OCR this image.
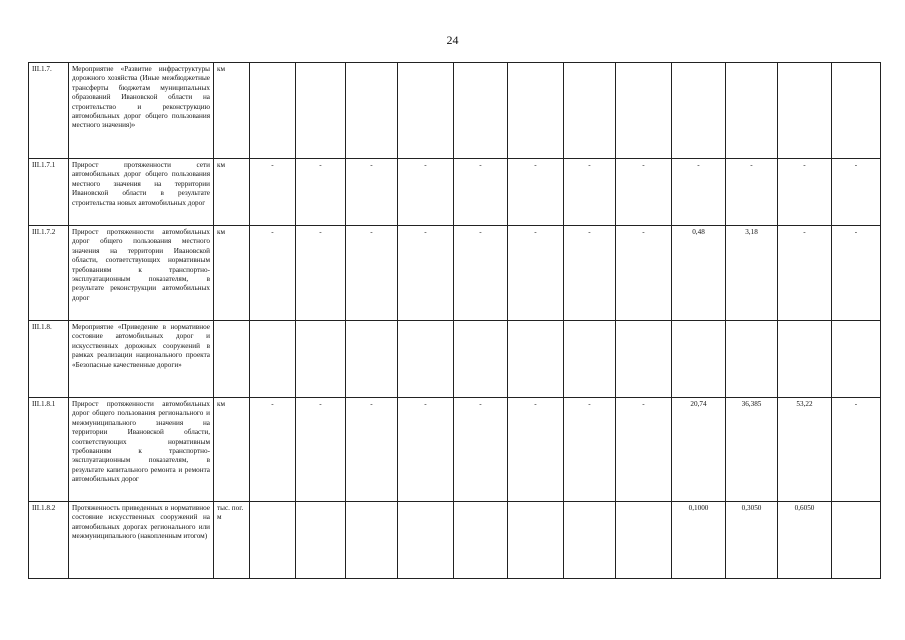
24
III.1.7.	Мероприятие «Развитие инфраструктуры дорожного хозяйства (Иные межбюджетные трансферты бюджетам муниципальных образований Ивановской области на строительство и реконструкцию автомобильных дорог общего пользования местного значения)»	км												
III.1.7.1	Прирост протяженности сети автомобильных дорог общего пользования местного значения на территории Ивановской области в результате строительства новых автомобильных дорог	км	-	-	-	-	-	-	-	-	-	-	-	-
III.1.7.2	Прирост протяженности автомобильных дорог общего пользования местного значения на территории Ивановской области, соответствующих нормативным требованиям к транспортно-эксплуатационным показателям, в результате реконструкции автомобильных дорог	км	-	-	-	-	-	-	-	-	0,48	3,18	-	-
III.1.8.	Мероприятие «Приведение в нормативное состояние автомобильных дорог и искусственных дорожных сооружений в рамках реализации национального проекта «Безопасные качественные дороги»													
III.1.8.1	Прирост протяженности автомобильных дорог общего пользования регионального и межмуниципального значения на территории Ивановской области, соответствующих нормативным требованиям к транспортно-эксплуатационным показателям, в результате капитального ремонта и ремонта автомобильных дорог	км	-	-	-	-	-	-	-	-	20,74	36,385	53,22	-
III.1.8.2	Протяженность приведенных в нормативное состояние искусственных сооружений на автомобильных дорогах регионального или межмуниципального (накопленным итогом)	тыс. пог. м									0,1000	0,3050	0,6050	
